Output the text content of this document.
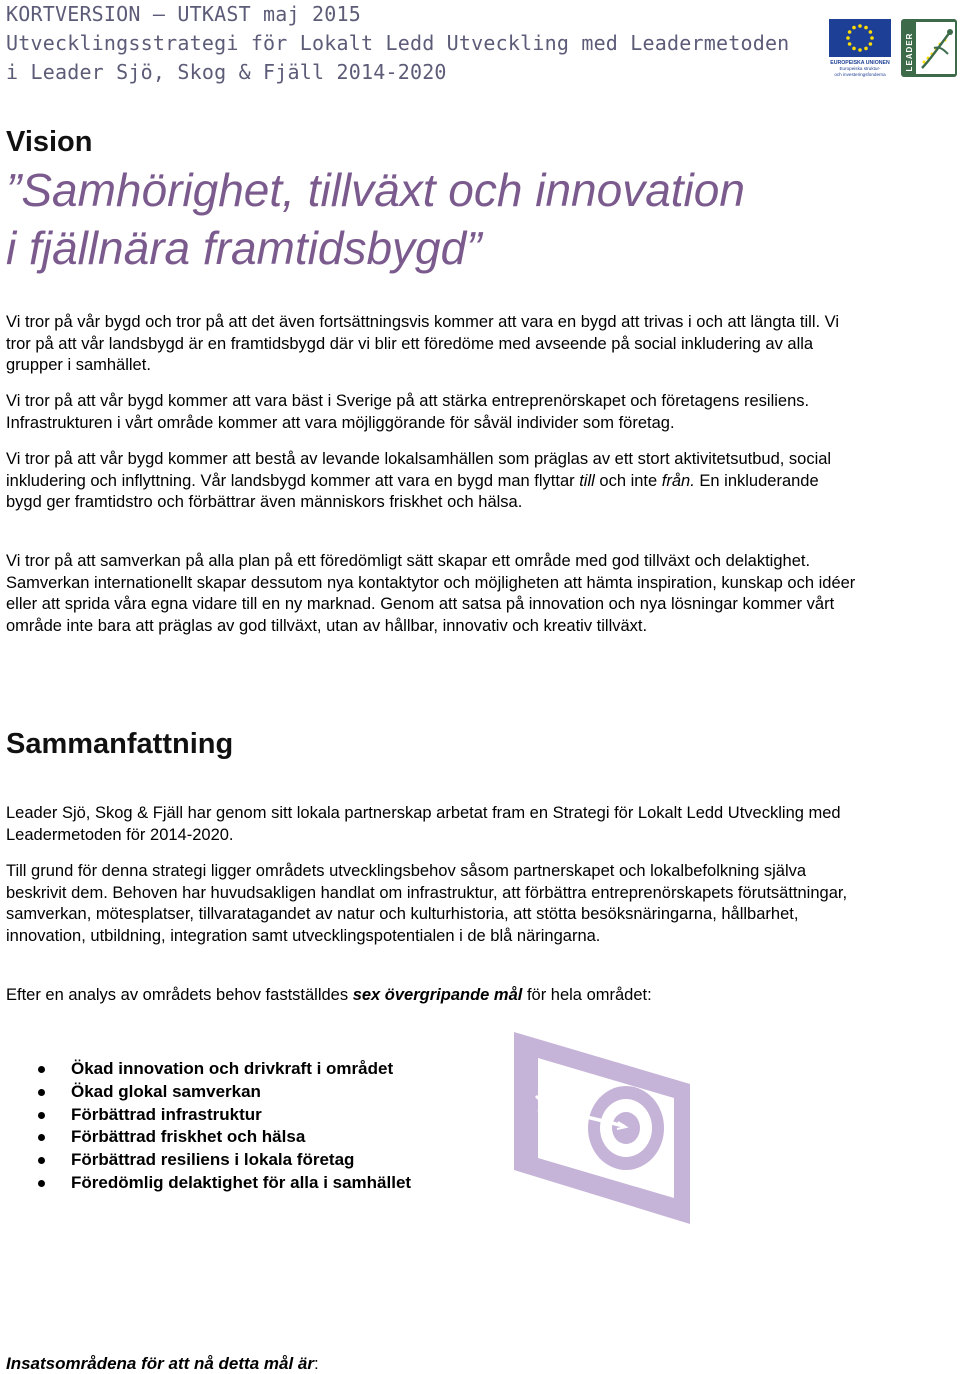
KORTVERSION – UTKAST maj 2015
Utvecklingsstrategi för Lokalt Ledd Utveckling med Leadermetoden
i Leader Sjö, Skog & Fjäll 2014-2020	EUROPEISKA UNIONEN
Europeiska struktur-
och investeringsfonderna
LEADER
Vision
”Samhörighet, tillväxt och innovation
i fjällnära framtidsbygd”

Vi tror på vår bygd och tror på att det även fortsättningsvis kommer att vara en bygd att trivas i och att längta till. Vi tror på att vår landsbygd är en framtidsbygd där vi blir ett föredöme med avseende på social inkludering av alla grupper i samhället.

Vi tror på att vår bygd kommer att vara bäst i Sverige på att stärka entreprenörskapet och företagens resiliens. Infrastrukturen i vårt område kommer att vara möjliggörande för såväl individer som företag.

Vi tror på att vår bygd kommer att bestå av levande lokalsamhällen som präglas av ett stort aktivitetsutbud, social inkludering och inflyttning. Vår landsbygd kommer att vara en bygd man flyttar till och inte från. En inkluderande bygd ger framtidstro och förbättrar även människors friskhet och hälsa.

Vi tror på att samverkan på alla plan på ett föredömligt sätt skapar ett område med god tillväxt och delaktighet. Samverkan internationellt skapar dessutom nya kontaktytor och möjligheten att hämta inspiration, kunskap och idéer eller att sprida våra egna vidare till en ny marknad. Genom att satsa på innovation och nya lösningar kommer vårt område inte bara att präglas av god tillväxt, utan av hållbar, innovativ och kreativ tillväxt.

Sammanfattning

Leader Sjö, Skog & Fjäll har genom sitt lokala partnerskap arbetat fram en Strategi för Lokalt Ledd Utveckling med Leadermetoden för 2014-2020.

Till grund för denna strategi ligger områdets utvecklingsbehov såsom partnerskapet och lokalbefolkning själva beskrivit dem. Behoven har huvudsakligen handlat om infrastruktur, att förbättra entreprenörskapets förutsättningar, samverkan, mötesplatser, tillvaratagandet av natur och kulturhistoria, att stötta besöksnäringarna, hållbarhet, innovation, utbildning, integration samt utvecklingspotentialen i de blå näringarna.

Efter en analys av områdets behov fastställdes sex övergripande mål för hela området:

Ökad innovation och drivkraft i området
Ökad glokal samverkan
Förbättrad infrastruktur
Förbättrad friskhet och hälsa
Förbättrad resiliens i lokala företag
Föredömlig delaktighet för alla i samhället

Insatsområdena för att nå detta mål är:
